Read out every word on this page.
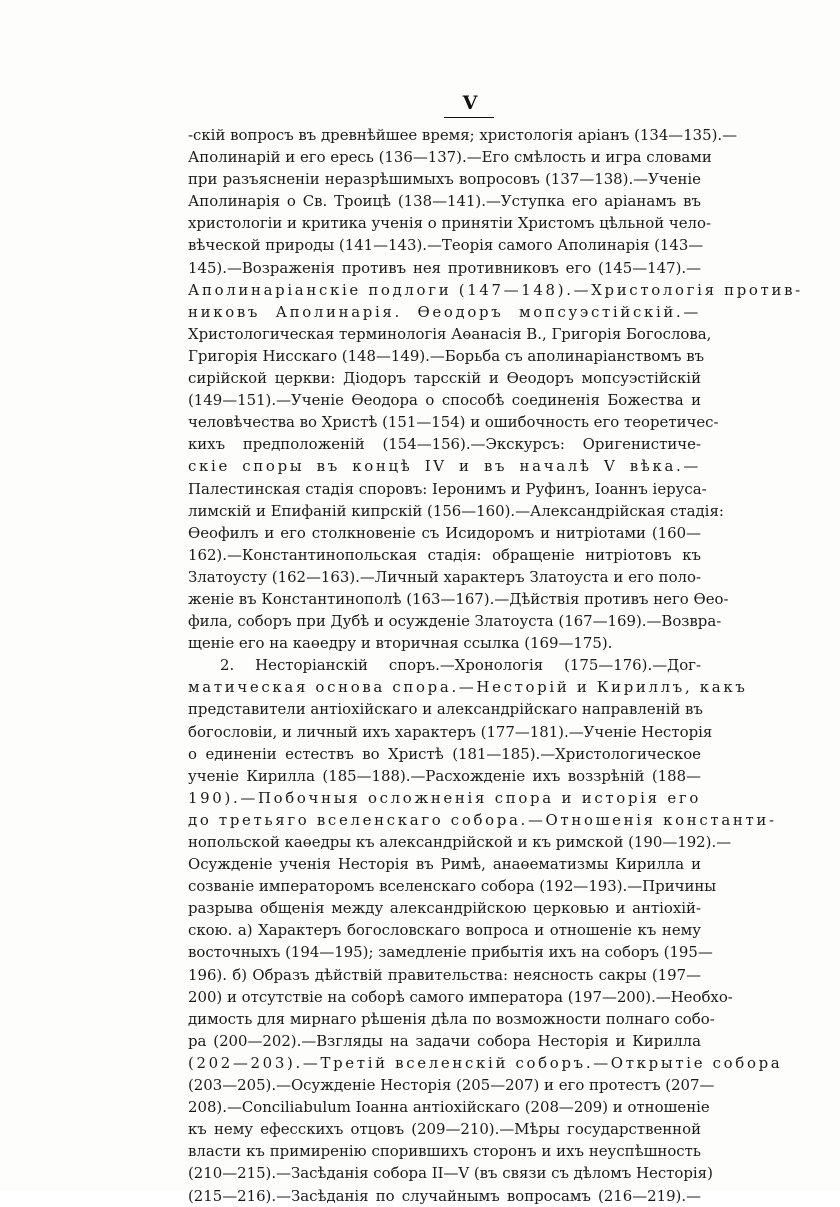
V
-скій вопросъ въ древнѣйшее время; христологія аріанъ (134—135).—
Аполинарій и его ересь (136—137).—Его смѣлость и игра словами
при разъясненіи неразрѣшимыхъ вопросовъ (137—138).—Ученіе
Аполинарія о Св. Троицѣ (138—141).—Уступка его аріанамъ въ
христологіи и критика ученія о принятіи Христомъ цѣльной чело-
вѣческой природы (141—143).—Теорія самого Аполинарія (143—
145).—Возраженія противъ нея противниковъ его (145—147).—
Аполинаріанскіе подлоги (147—148).—Христологія против-
никовъ Аполинарія. Өеодоръ мопсуэстійскій.—
Христологическая терминологія Аөанасія В., Григорія Богослова,
Григорія Нисскаго (148—149).—Борьба съ аполинаріанствомъ въ
сирійской церкви: Діодоръ тарсскій и Өеодоръ мопсуэстійскій
(149—151).—Ученіе Өеодора о способѣ соединенія Божества и
человѣчества во Христѣ (151—154) и ошибочность его теоретичес-
кихъ предположеній (154—156).—Экскурсъ: Оригенистиче-
скіе споры въ концѣ IV и въ началѣ V вѣка.—
Палестинская стадія споровъ: Іеронимъ и Руфинъ, Іоаннъ іерусa-
лимскій и Епифаній кипрскій (156—160).—Александрійская стадія:
Өеофилъ и его столкновеніе съ Исидоромъ и нитріотами (160—
162).—Константинопольская стадія: обращеніе нитріотовъ къ
Златоусту (162—163).—Личный характеръ Златоуста и его поло-
женіе въ Константинополѣ (163—167).—Дѣйствія противъ него Өео-
фила, соборъ при Дубѣ и осужденіе Златоуста (167—169).—Возвра-
щеніе его на каөедру и вторичная ссылка (169—175).
2. Несторіанскій споръ.—Хронологія (175—176).—Дог-
матическая основа спора.—Несторій и Кириллъ, какъ
представители антіохійскаго и александрійскаго направленій въ
богословіи, и личный ихъ характеръ (177—181).—Ученіе Несторія
о единеніи естествъ во Христѣ (181—185).—Христологическое
ученіе Кирилла (185—188).—Расхожденіе ихъ воззрѣній (188—
190).—Побочныя осложненія спора и исторія его
до третьяго вселенскаго собора.—Отношенія константи-
нопольской каөедры къ александрійской и къ римской (190—192).—
Осужденіе ученія Несторія въ Римѣ, анаөематизмы Кирилла и
созваніе императоромъ вселенскаго собора (192—193).—Причины
разрыва общенія между александрійскою церковью и антіохій-
скою. а) Характеръ богословскаго вопроса и отношеніе къ нему
восточныхъ (194—195); замедленіе прибытія ихъ на соборъ (195—
196). б) Образъ дѣйствій правительства: неясность сакры (197—
200) и отсутствіе на соборѣ самого императора (197—200).—Необхо-
димость для мирнаго рѣшенія дѣла по возможности полнаго собо-
ра (200—202).—Взгляды на задачи собора Несторія и Кирилла
(202—203).—Третій вселенскій соборъ.—Открытіе собора
(203—205).—Осужденіе Несторія (205—207) и его протестъ (207—
208).—Conciliabulum Іоанна антіохійскаго (208—209) и отношеніе
къ нему ефесскихъ отцовъ (209—210).—Мѣры государственной
власти къ примиренію спорившихъ сторонъ и ихъ неуспѣшность
(210—215).—Засѣданія собора II—V (въ связи съ дѣломъ Несторія)
(215—216).—Засѣданія по случайнымъ вопросамъ (216—219).—
